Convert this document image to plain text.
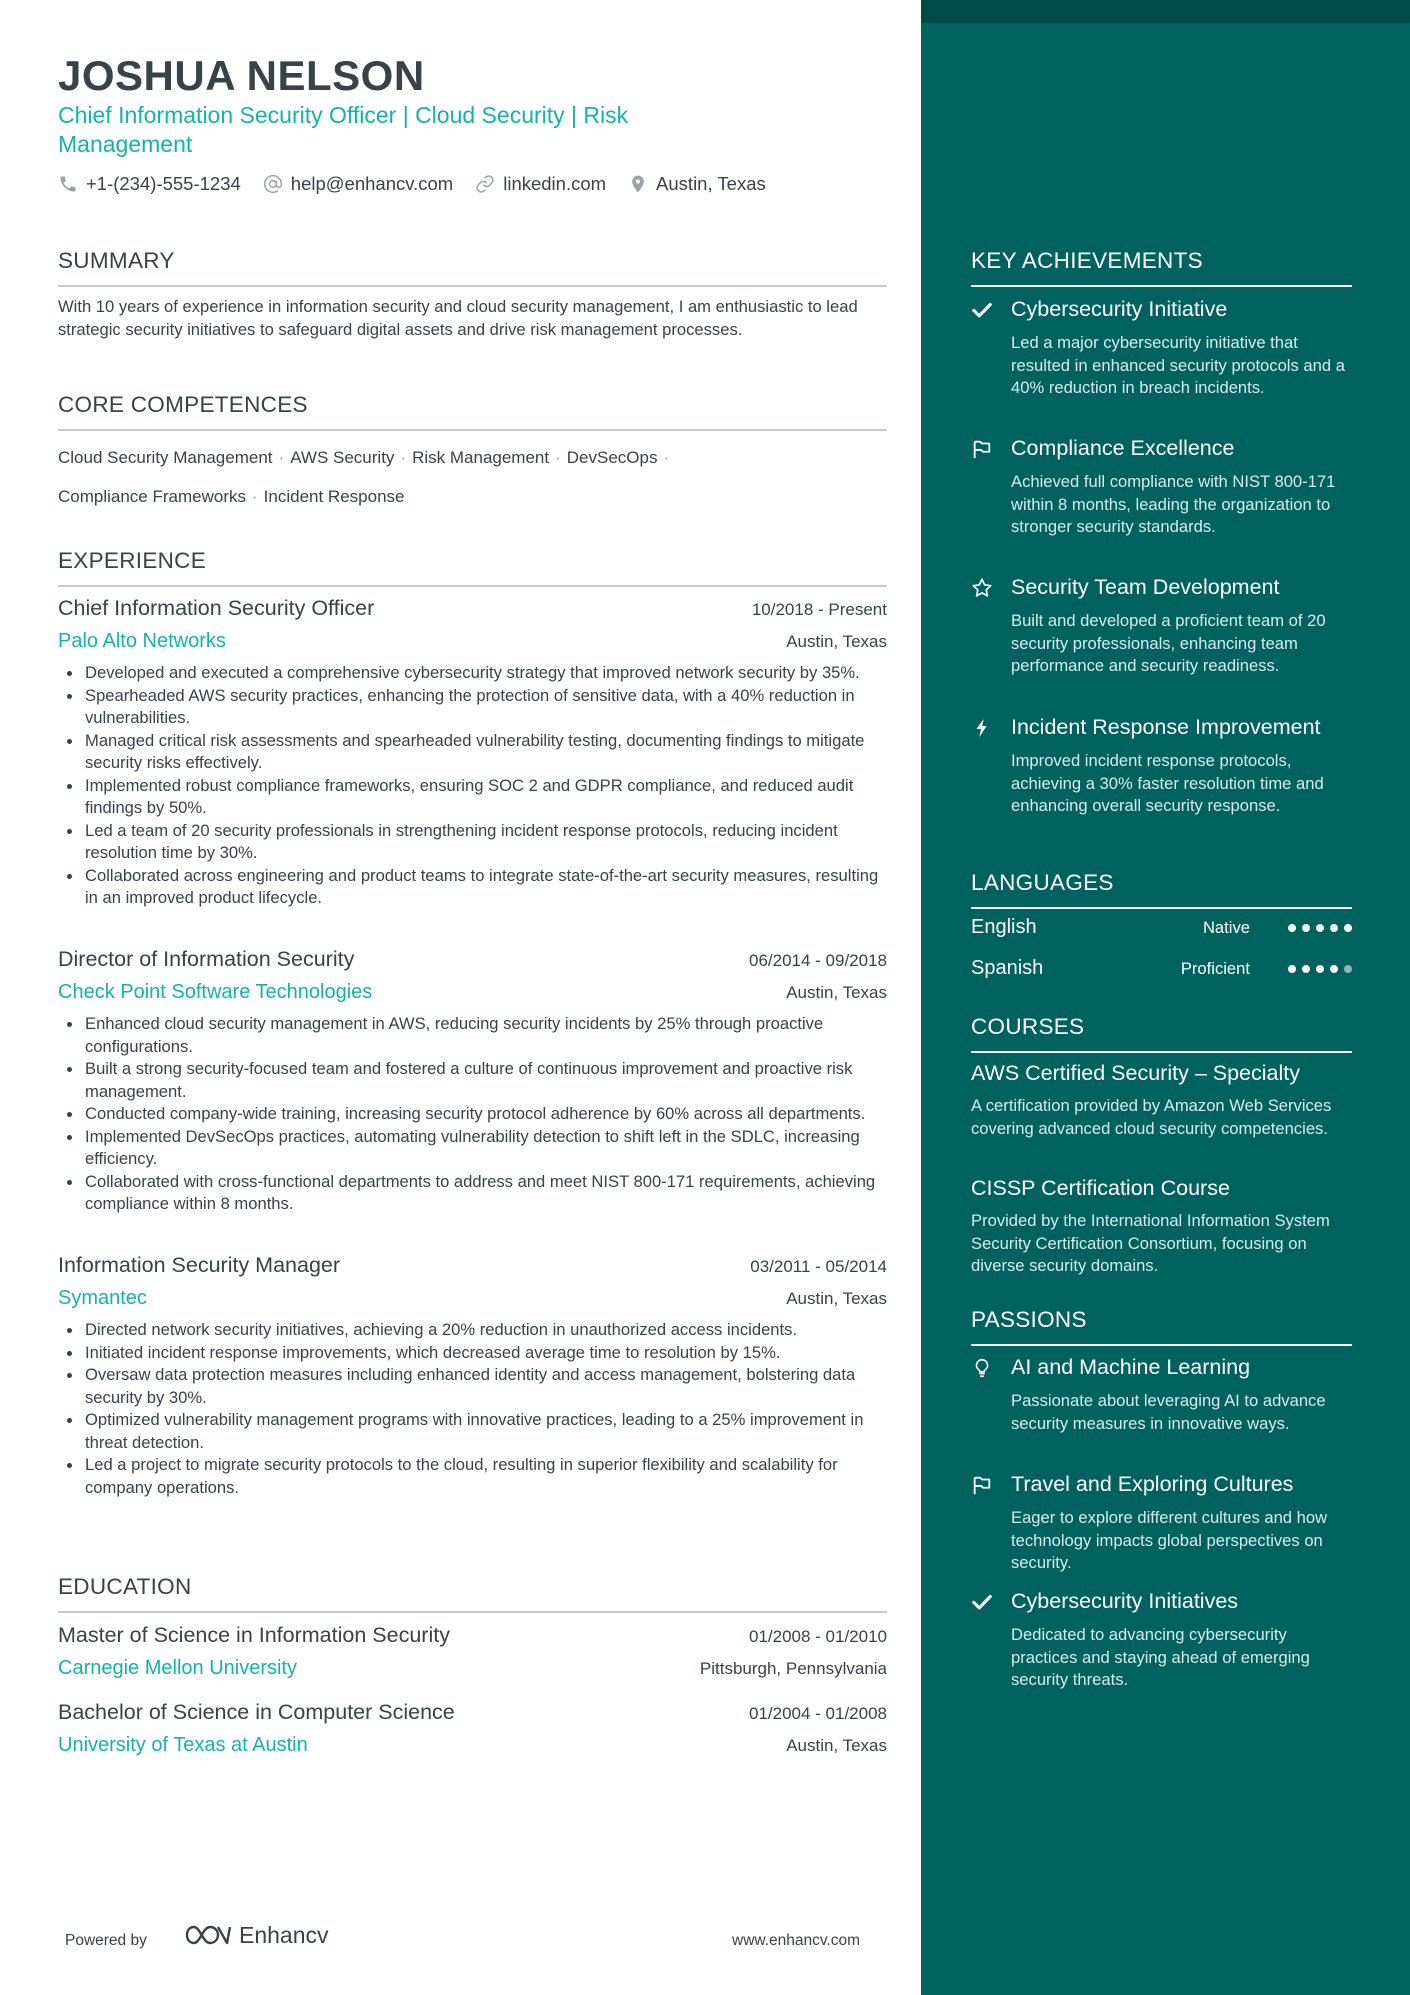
JOSHUA NELSON
Chief Information Security Officer | Cloud Security | Risk Management
+1-(234)-555-1234	help@enhancv.com	linkedin.com	Austin, Texas
SUMMARY
With 10 years of experience in information security and cloud security management, I am enthusiastic to lead strategic security initiatives to safeguard digital assets and drive risk management processes.
CORE COMPETENCES
Cloud Security Management · AWS Security · Risk Management · DevSecOps ·
Compliance Frameworks · Incident Response
EXPERIENCE
Chief Information Security Officer	10/2018 - Present
Palo Alto Networks	Austin, Texas
Developed and executed a comprehensive cybersecurity strategy that improved network security by 35%.
Spearheaded AWS security practices, enhancing the protection of sensitive data, with a 40% reduction in vulnerabilities.
Managed critical risk assessments and spearheaded vulnerability testing, documenting findings to mitigate security risks effectively.
Implemented robust compliance frameworks, ensuring SOC 2 and GDPR compliance, and reduced audit findings by 50%.
Led a team of 20 security professionals in strengthening incident response protocols, reducing incident resolution time by 30%.
Collaborated across engineering and product teams to integrate state-of-the-art security measures, resulting in an improved product lifecycle.
Director of Information Security	06/2014 - 09/2018
Check Point Software Technologies	Austin, Texas
Enhanced cloud security management in AWS, reducing security incidents by 25% through proactive configurations.
Built a strong security-focused team and fostered a culture of continuous improvement and proactive risk management.
Conducted company-wide training, increasing security protocol adherence by 60% across all departments.
Implemented DevSecOps practices, automating vulnerability detection to shift left in the SDLC, increasing efficiency.
Collaborated with cross-functional departments to address and meet NIST 800-171 requirements, achieving compliance within 8 months.
Information Security Manager	03/2011 - 05/2014
Symantec	Austin, Texas
Directed network security initiatives, achieving a 20% reduction in unauthorized access incidents.
Initiated incident response improvements, which decreased average time to resolution by 15%.
Oversaw data protection measures including enhanced identity and access management, bolstering data security by 30%.
Optimized vulnerability management programs with innovative practices, leading to a 25% improvement in threat detection.
Led a project to migrate security protocols to the cloud, resulting in superior flexibility and scalability for company operations.
EDUCATION
Master of Science in Information Security	01/2008 - 01/2010
Carnegie Mellon University	Pittsburgh, Pennsylvania
Bachelor of Science in Computer Science	01/2004 - 01/2008
University of Texas at Austin	Austin, Texas
Powered by	Enhancv	www.enhancv.com
KEY ACHIEVEMENTS
Cybersecurity Initiative
Led a major cybersecurity initiative that resulted in enhanced security protocols and a 40% reduction in breach incidents.
Compliance Excellence
Achieved full compliance with NIST 800-171 within 8 months, leading the organization to stronger security standards.
Security Team Development
Built and developed a proficient team of 20 security professionals, enhancing team performance and security readiness.
Incident Response Improvement
Improved incident response protocols, achieving a 30% faster resolution time and enhancing overall security response.
LANGUAGES
English	Native
Spanish	Proficient
COURSES
AWS Certified Security – Specialty
A certification provided by Amazon Web Services covering advanced cloud security competencies.
CISSP Certification Course
Provided by the International Information System Security Certification Consortium, focusing on diverse security domains.
PASSIONS
AI and Machine Learning
Passionate about leveraging AI to advance security measures in innovative ways.
Travel and Exploring Cultures
Eager to explore different cultures and how technology impacts global perspectives on security.
Cybersecurity Initiatives
Dedicated to advancing cybersecurity practices and staying ahead of emerging security threats.
